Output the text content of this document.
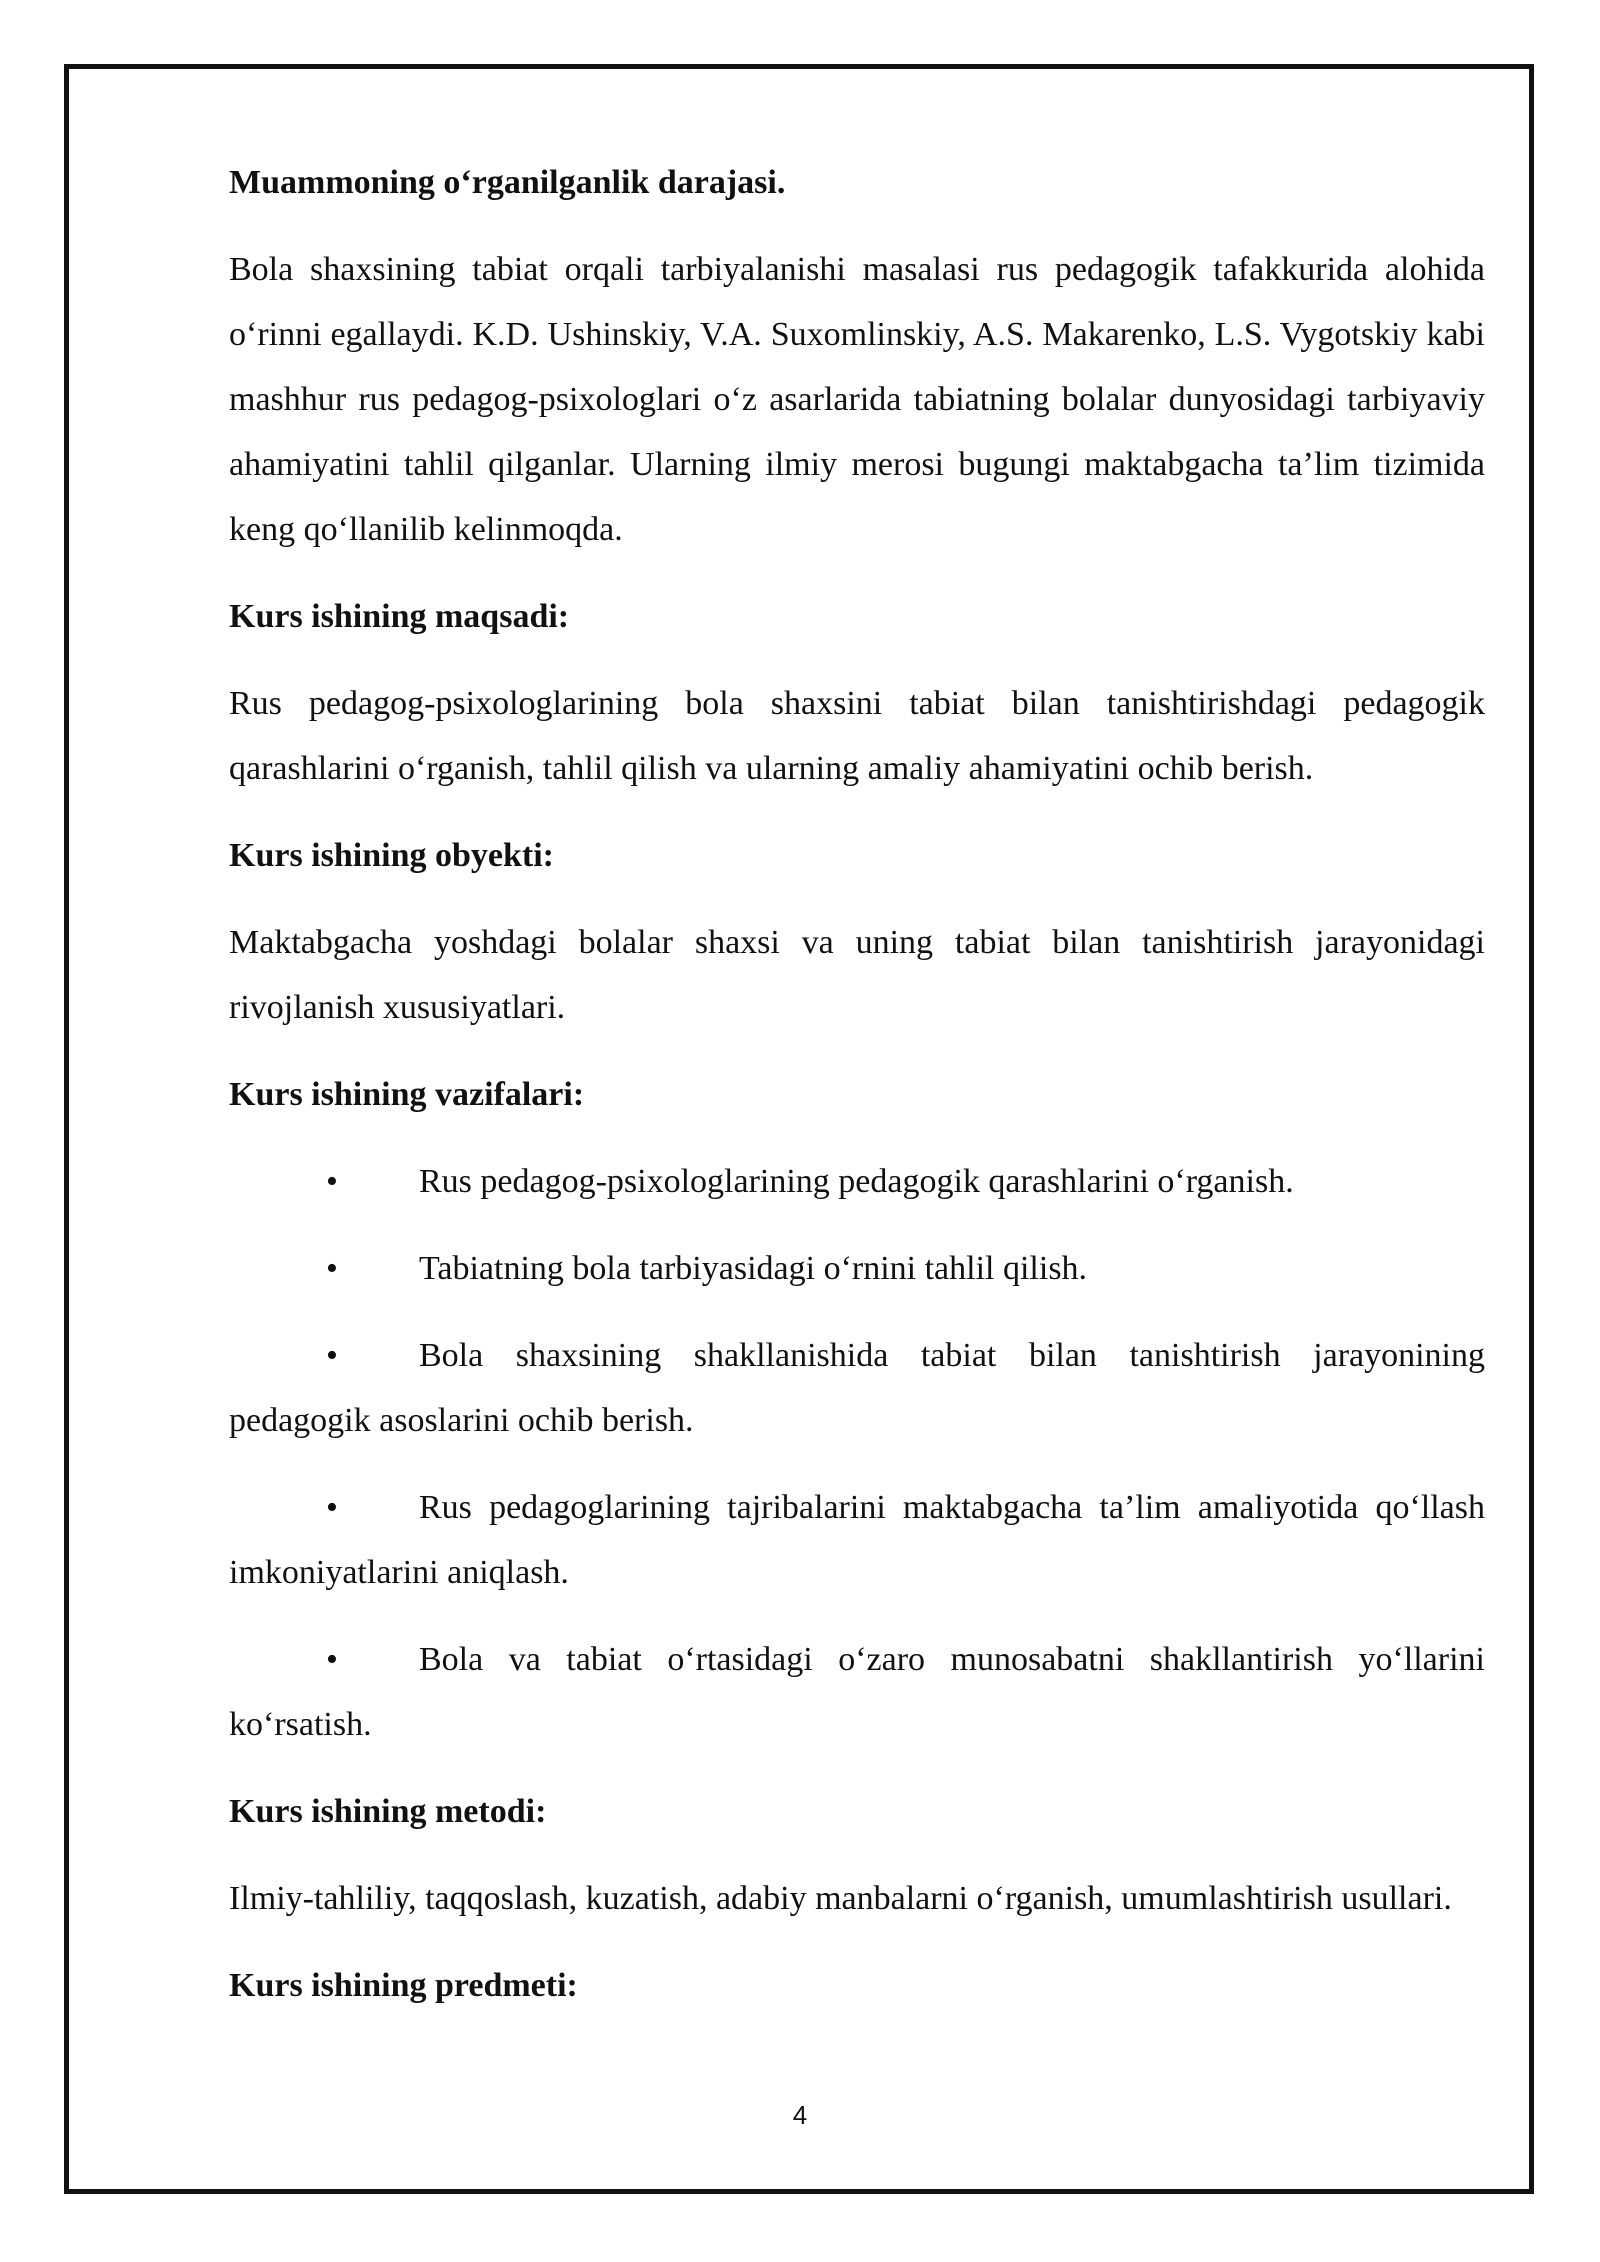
Muammoning o‘rganilganlik darajasi.

Bola shaxsining tabiat orqali tarbiyalanishi masalasi rus pedagogik tafakkurida alohida o‘rinni egallaydi. K.D. Ushinskiy, V.A. Suxomlinskiy, A.S. Makarenko, L.S. Vygotskiy kabi mashhur rus pedagog-psixologlari o‘z asarlarida tabiatning bolalar dunyosidagi tarbiyaviy ahamiyatini tahlil qilganlar. Ularning ilmiy merosi bugungi maktabgacha ta’lim tizimida keng qo‘llanilib kelinmoqda.

Kurs ishining maqsadi:

Rus pedagog-psixologlarining bola shaxsini tabiat bilan tanishtirishdagi pedagogik qarashlarini o‘rganish, tahlil qilish va ularning amaliy ahamiyatini ochib berish.

Kurs ishining obyekti:

Maktabgacha yoshdagi bolalar shaxsi va uning tabiat bilan tanishtirish jarayonidagi rivojlanish xususiyatlari.

Kurs ishining vazifalari:

• Rus pedagog-psixologlarining pedagogik qarashlarini o‘rganish.
• Tabiatning bola tarbiyasidagi o‘rnini tahlil qilish.
• Bola shaxsining shakllanishida tabiat bilan tanishtirish jarayonining pedagogik asoslarini ochib berish.
• Rus pedagoglarining tajribalarini maktabgacha ta’lim amaliyotida qo‘llash imkoniyatlarini aniqlash.
• Bola va tabiat o‘rtasidagi o‘zaro munosabatni shakllantirish yo‘llarini ko‘rsatish.

Kurs ishining metodi:

Ilmiy-tahliliy, taqqoslash, kuzatish, adabiy manbalarni o‘rganish, umumlashtirish usullari.

Kurs ishining predmeti:

4
